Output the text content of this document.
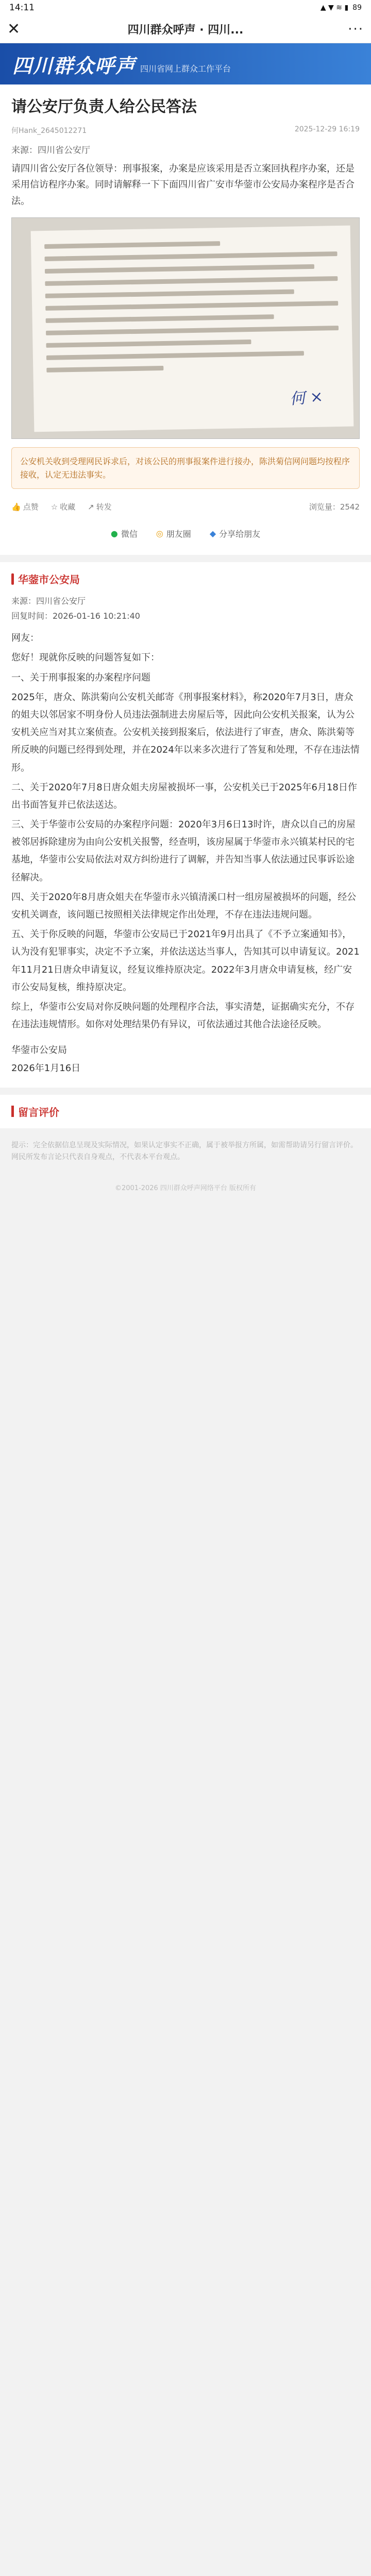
14:11	▲ ▼ ≋ ▮ 89
✕	四川群众呼声 · 四川...	···
四川群众呼声 四川省网上群众工作平台
请公安厅负责人给公民答法
何Hank_2645012271	2025-12-29 16:19
来源：四川省公安厅
请四川省公安厅各位领导：刑事报案，办案是应该采用是否立案回执程序办案，还是采用信访程序办案。同时请解释一下下面四川省广安市华蓥市公安局办案程序是否合法。
何 ×
公安机关收到受理网民诉求后，对该公民的刑事报案件进行接办，陈洪菊信网问题均按程序接收，认定无违法事实。
👍 点赞 ☆ 收藏 ↗ 转发	浏览量：2542
● 微信 ◎ 朋友圈 ◆ 分享给朋友
华蓥市公安局
来源：四川省公安厅
回复时间：2026-01-16 10:21:40

网友：

您好！现就你反映的问题答复如下：

一、关于刑事报案的办案程序问题

2025年，唐众、陈洪菊向公安机关邮寄《刑事报案材料》，称2020年7月3日，唐众的姐夫以邻居家不明身份人员违法强制进去房屋后等，因此向公安机关报案，认为公安机关应当对其立案侦查。公安机关接到报案后，依法进行了审查，唐众、陈洪菊等所反映的问题已经得到处理，并在2024年以来多次进行了答复和处理，不存在违法情形。

二、关于2020年7月8日唐众姐夫房屋被损坏一事，公安机关已于2025年6月18日作出书面答复并已依法送达。

三、关于华蓥市公安局的办案程序问题：2020年3月6日13时许，唐众以自己的房屋被邻居拆除建房为由向公安机关报警，经查明，该房屋属于华蓥市永兴镇某村民的宅基地，华蓥市公安局依法对双方纠纷进行了调解，并告知当事人依法通过民事诉讼途径解决。

四、关于2020年8月唐众姐夫在华蓥市永兴镇清溪口村一组房屋被损坏的问题，经公安机关调查，该问题已按照相关法律规定作出处理，不存在违法违规问题。

五、关于你反映的问题，华蓥市公安局已于2021年9月出具了《不予立案通知书》，认为没有犯罪事实，决定不予立案，并依法送达当事人，告知其可以申请复议。2021年11月21日唐众申请复议，经复议维持原决定。2022年3月唐众申请复核，经广安市公安局复核，维持原决定。

综上，华蓥市公安局对你反映问题的处理程序合法，事实清楚，证据确实充分，不存在违法违规情形。如你对处理结果仍有异议，可依法通过其他合法途径反映。

华蓥市公安局
2026年1月16日
留言评价
提示：完全依据信息呈现及实际情况，如果认定事实不正确，属于被举报方所属，如需帮助请另行留言评价。网民所发布言论只代表自身观点，不代表本平台观点。
©2001-2026 四川群众呼声网络平台 版权所有
